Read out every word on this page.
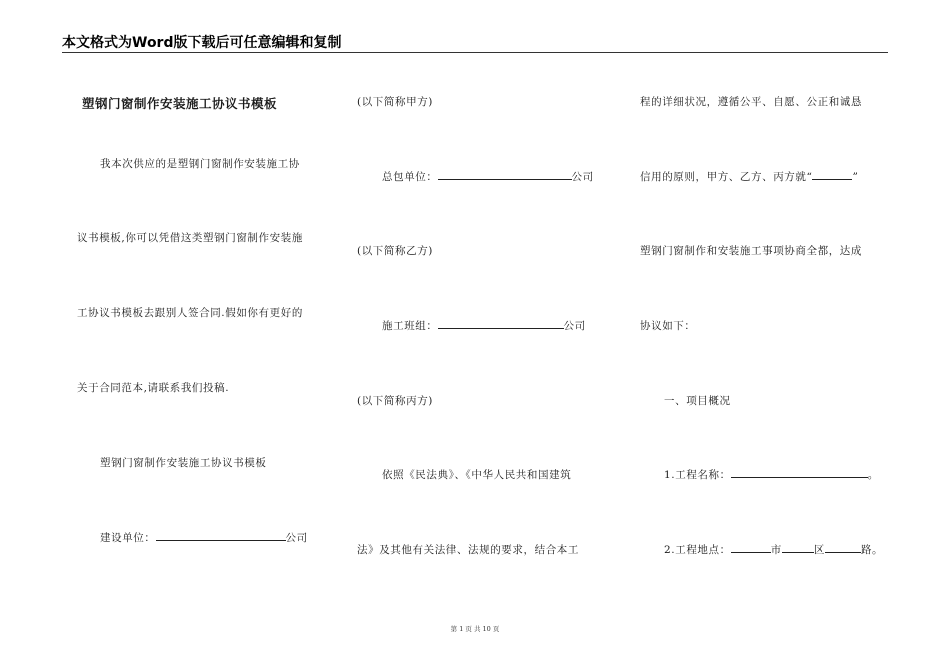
本文格式为Word版下载后可任意编辑和复制
塑钢门窗制作安装施工协议书模板
我本次供应的是塑钢门窗制作安装施工协
议书模板,你可以凭借这类塑钢门窗制作安装施
工协议书模板去跟别人签合同.假如你有更好的
关于合同范本,请联系我们投稿.
塑钢门窗制作安装施工协议书模板
建设单位：	公司
(以下简称甲方)
总包单位：	公司
(以下简称乙方)
施工班组：	公司
(以下简称丙方)
依照《民法典》、《中华人民共和国建筑
法》及其他有关法律、法规的要求，结合本工
程的详细状况，遵循公平、自愿、公正和诚恳
信用的原则，甲方、乙方、丙方就“	”
塑钢门窗制作和安装施工事项协商全都，达成
协议如下：
一、项目概况
1.工程名称：	。
2.工程地点：	市	区	路。
第 1 页 共 10 页
